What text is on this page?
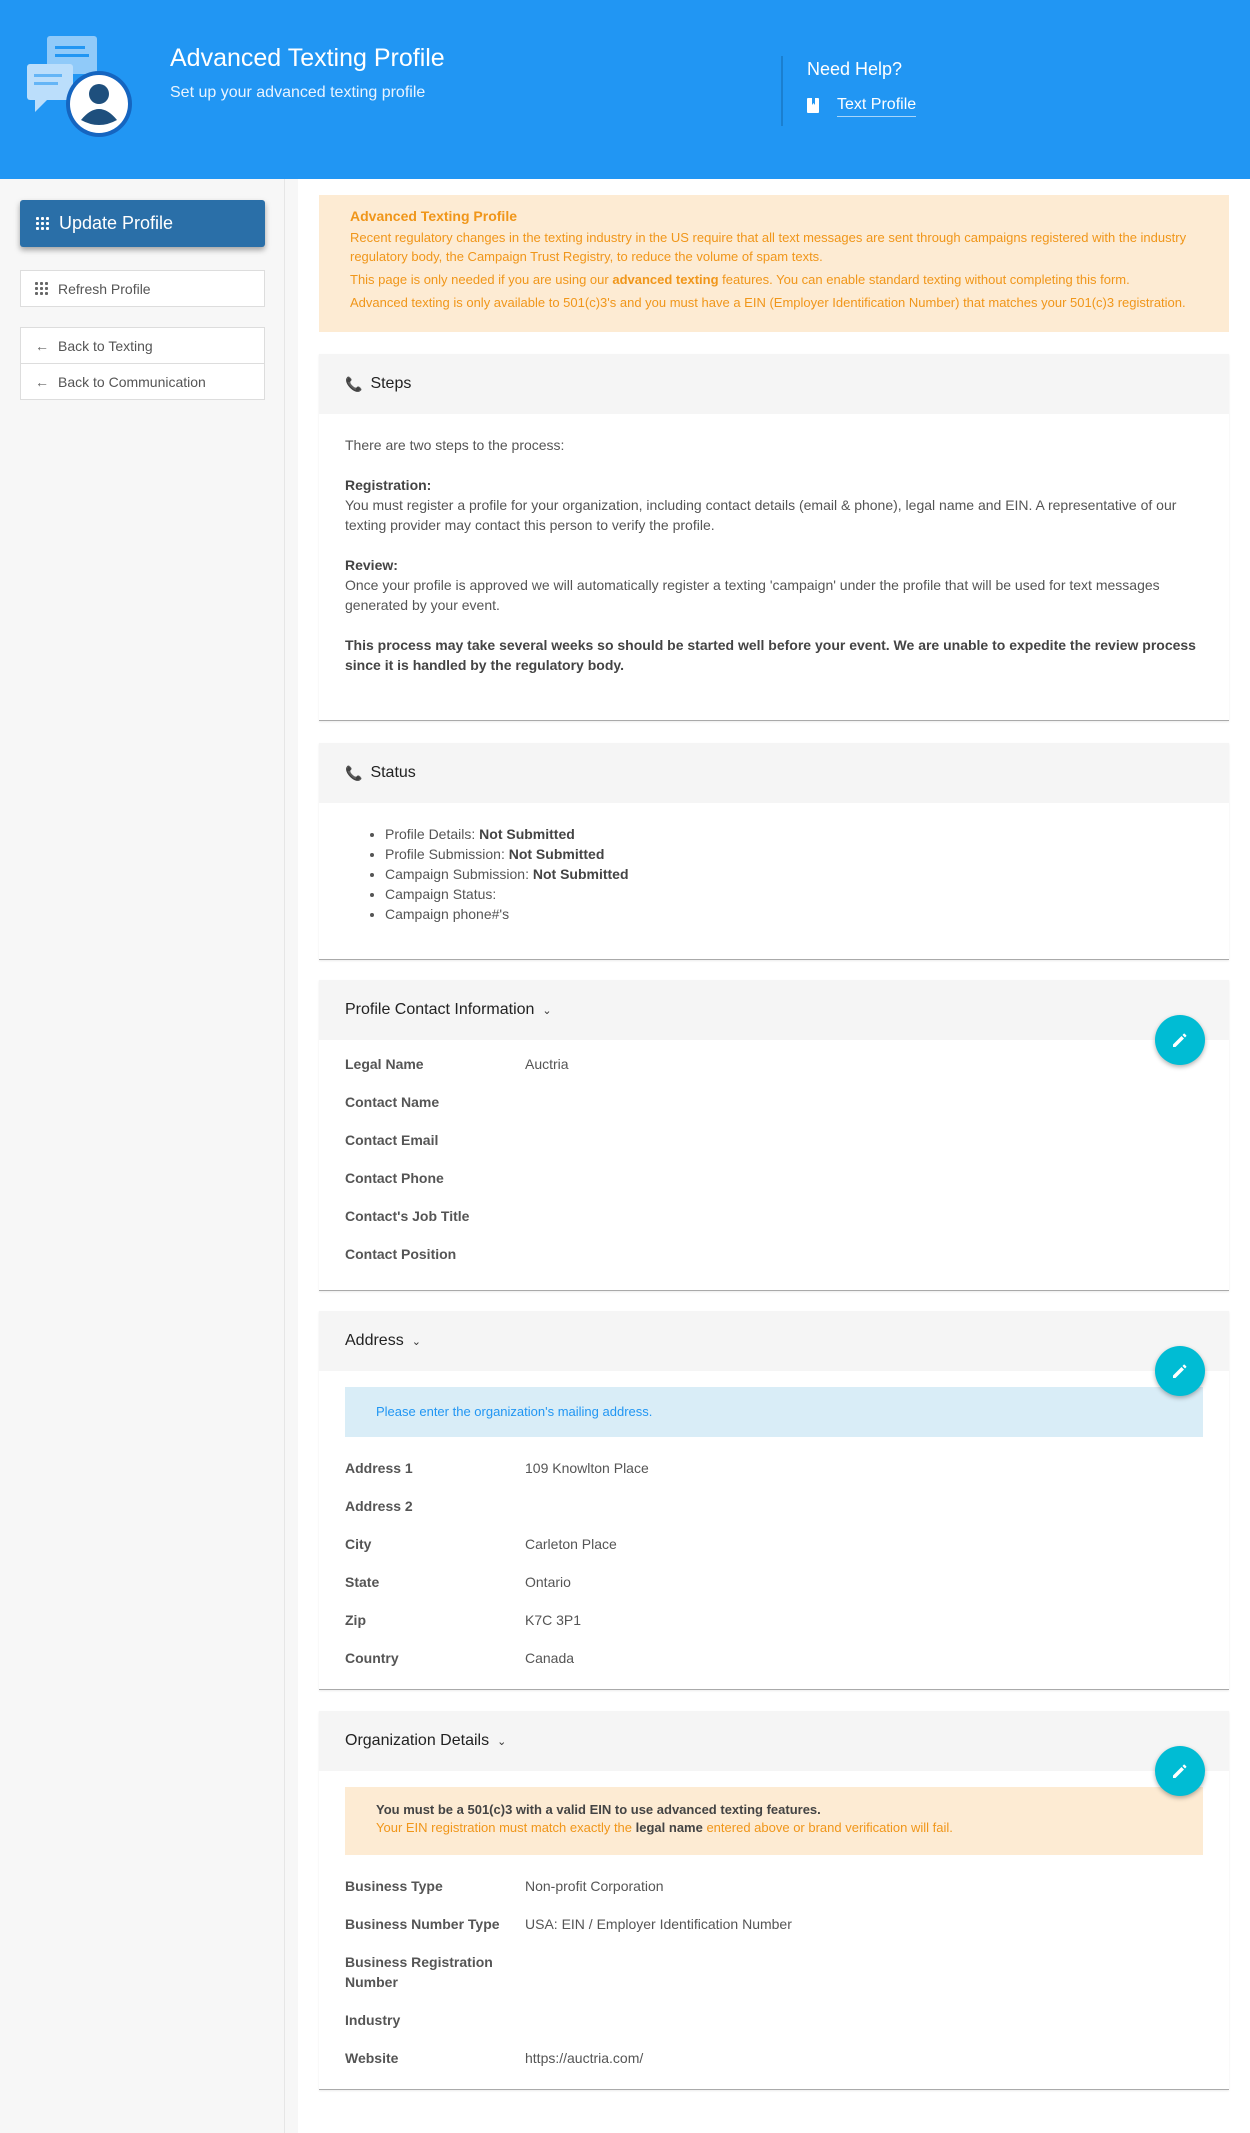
Advanced Texting Profile
Set up your advanced texting profile
Need Help?
Text Profile
Update Profile
Refresh Profile
← Back to Texting
← Back to Communication
Advanced Texting Profile

Recent regulatory changes in the texting industry in the US require that all text messages are sent through campaigns registered with the industry regulatory body, the Campaign Trust Registry, to reduce the volume of spam texts.

This page is only needed if you are using our advanced texting features. You can enable standard texting without completing this form.

Advanced texting is only available to 501(c)3's and you must have a EIN (Employer Identification Number) that matches your 501(c)3 registration.

📞 Steps

There are two steps to the process:

Registration:
You must register a profile for your organization, including contact details (email & phone), legal name and EIN. A representative of our texting provider may contact this person to verify the profile.

Review:
Once your profile is approved we will automatically register a texting 'campaign' under the profile that will be used for text messages generated by your event.

This process may take several weeks so should be started well before your event. We are unable to expedite the review process since it is handled by the regulatory body.

📞 Status
• Profile Details: Not Submitted
• Profile Submission: Not Submitted
• Campaign Submission: Not Submitted
• Campaign Status:
• Campaign phone#'s
Profile Contact Information ⌄
Legal Name	Auctria
Contact Name
Contact Email
Contact Phone
Contact's Job Title
Contact Position
Address ⌄
Please enter the organization's mailing address.
Address 1	109 Knowlton Place
Address 2
City	Carleton Place
State	Ontario
Zip	K7C 3P1
Country	Canada
Organization Details ⌄
You must be a 501(c)3 with a valid EIN to use advanced texting features.
Your EIN registration must match exactly the legal name entered above or brand verification will fail.
Business Type	Non-profit Corporation
Business Number Type	USA: EIN / Employer Identification Number
Business Registration Number
Industry
Website	https://auctria.com/
